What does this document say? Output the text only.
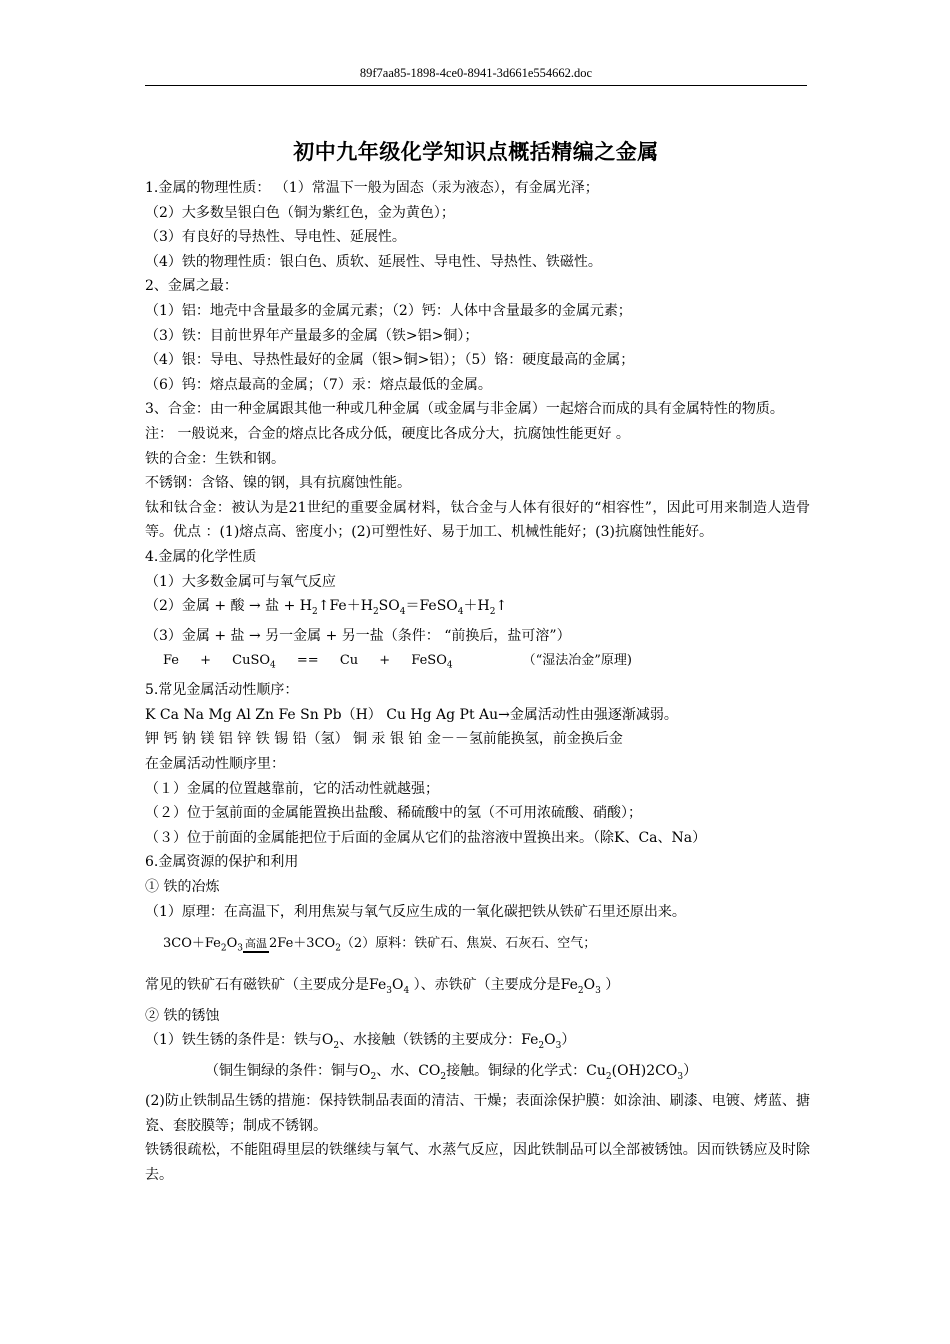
89f7aa85-1898-4ce0-8941-3d661e554662.doc
初中九年级化学知识点概括精编之金属
1.金属的物理性质： （1）常温下一般为固态（汞为液态），有金属光泽；
（2）大多数呈银白色（铜为紫红色，金为黄色）；
（3）有良好的导热性、导电性、延展性。
（4）铁的物理性质：银白色、质软、延展性、导电性、导热性、铁磁性。
2、金属之最：
（1）铝：地壳中含量最多的金属元素；（2）钙：人体中含量最多的金属元素；
（3）铁：目前世界年产量最多的金属（铁>铝>铜）；
（4）银：导电、导热性最好的金属（银>铜>铝）；（5）铬：硬度最高的金属；
（6）钨：熔点最高的金属；（7）汞：熔点最低的金属。
3、合金：由一种金属跟其他一种或几种金属（或金属与非金属）一起熔合而成的具有金属特性的物质。
注： 一般说来，合金的熔点比各成分低，硬度比各成分大，抗腐蚀性能更好 。
铁的合金：生铁和钢。
不锈钢：含铬、镍的钢，具有抗腐蚀性能。
钛和钛合金：被认为是21世纪的重要金属材料，钛合金与人体有很好的“相容性”，因此可用来制造人造骨等。优点 ：(1)熔点高、密度小；(2)可塑性好、易于加工、机械性能好；(3)抗腐蚀性能好。
4.金属的化学性质
（1）大多数金属可与氧气反应
（2）金属 + 酸 → 盐 + $H_2↑Fe+H_2SO_4=FeSO_4+H_2↑$
（3）金属 + 盐 → 另一金属 + 另一盐（条件： “前换后，盐可溶”）
Fe + CuSO$_4$ == Cu + FeSO$_4$	（“湿法冶金”原理)
5.常见金属活动性顺序：
K Ca Na Mg Al Zn Fe Sn Pb（H） Cu Hg Ag Pt Au→金属活动性由强逐渐减弱。
钾 钙 钠 镁 铝 锌 铁 锡 铅（氢） 铜 汞 银 铂 金－－氢前能换氢，前金换后金
在金属活动性顺序里：
（１）金属的位置越靠前，它的活动性就越强；
（２）位于氢前面的金属能置换出盐酸、稀硫酸中的氢（不可用浓硫酸、硝酸）；
（３）位于前面的金属能把位于后面的金属从它们的盐溶液中置换出来。（除K、Ca、Na）
6.金属资源的保护和利用
① 铁的冶炼
（1）原理：在高温下，利用焦炭与氧气反应生成的一氧化碳把铁从铁矿石里还原出来。
$3CO+Fe_2O_3$ 高温 $2Fe+3CO_2(2)$原料：铁矿石、焦炭、石灰石、空气；
常见的铁矿石有磁铁矿（主要成分是$Fe_3O_4$ ）、赤铁矿（主要成分是$Fe_2O_3$ ）
② 铁的锈蚀
（1）铁生锈的条件是：铁与$O_2$、水接触（铁锈的主要成分：$Fe_2O_3$）
（铜生铜绿的条件：铜与$O_2$、水、$CO_2$接触。铜绿的化学式：$Cu_2(OH)2CO_3$）
(2)防止铁制品生锈的措施：保持铁制品表面的清洁、干燥；表面涂保护膜：如涂油、刷漆、电镀、烤蓝、搪瓷、套胶膜等；制成不锈钢。
铁锈很疏松，不能阻碍里层的铁继续与氧气、水蒸气反应，因此铁制品可以全部被锈蚀。因而铁锈应及时除去。
